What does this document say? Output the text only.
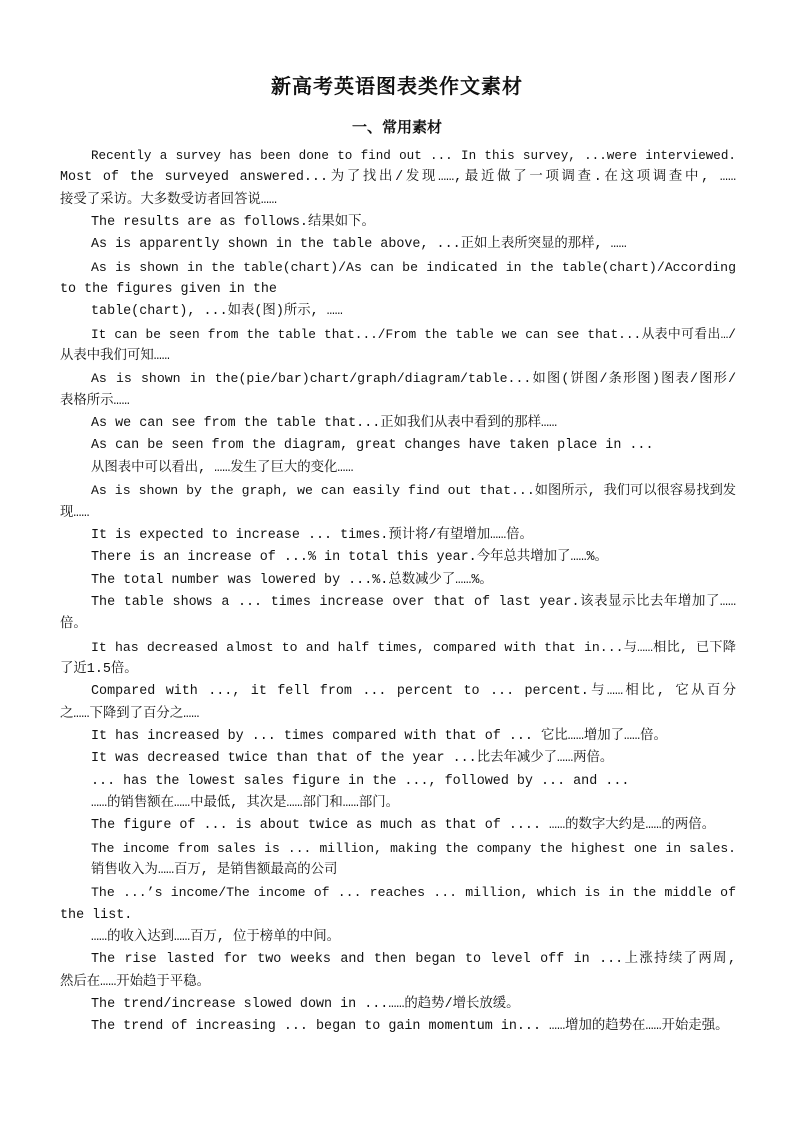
新高考英语图表类作文素材
一、常用素材
Recently a survey has been done to find out ... In this survey, ...were interviewed.
Most of the surveyed answered...为了找出/发现……,最近做了一项调查.在这项调查中, ……
接受了采访。大多数受访者回答说……
The results are as follows.结果如下。
As is apparently shown in the table above, ...正如上表所突显的那样, ……
As is shown in the table(chart)/As can be indicated in the table(chart)/According
to the figures given in the
table(chart), ...如表(图)所示, ……
It can be seen from the table that.../From the table we can see that...从表中可看出…/
从表中我们可知……
As is shown in the(pie/bar)chart/graph/diagram/table...如图(饼图/条形图)图表/图形/
表格所示……
As we can see from the table that...正如我们从表中看到的那样……
As can be seen from the diagram, great changes have taken place in ...
从图表中可以看出, ……发生了巨大的变化……
As is shown by the graph, we can easily find out that...如图所示, 我们可以很容易找到发
现……
It is expected to increase ... times.预计将/有望增加……倍。
There is an increase of ...% in total this year.今年总共增加了……%。
The total number was lowered by ...%.总数减少了……%。
The table shows a ... times increase over that of last year.该表显示比去年增加了……
倍。
It has decreased almost to and half times, compared with that in...与……相比, 已下降
了近1.5倍。
Compared with ..., it fell from ... percent to ... percent.与……相比, 它从百分
之……下降到了百分之……
It has increased by ... times compared with that of ... 它比……增加了……倍。
It was decreased twice than that of the year ...比去年减少了……两倍。
... has the lowest sales figure in the ..., followed by ... and ...
……的销售额在……中最低, 其次是……部门和……部门。
The figure of ... is about twice as much as that of .... ……的数字大约是……的两倍。
The income from sales is ... million, making the company the highest one in sales.
销售收入为……百万, 是销售额最高的公司
The ...’s income/The income of ... reaches ... million, which is in the middle of
the list.
……的收入达到……百万, 位于榜单的中间。
The rise lasted for two weeks and then began to level off in ...上涨持续了两周,
然后在……开始趋于平稳。
The trend/increase slowed down in ...……的趋势/增长放缓。
The trend of increasing ... began to gain momentum in... ……增加的趋势在……开始走强。
